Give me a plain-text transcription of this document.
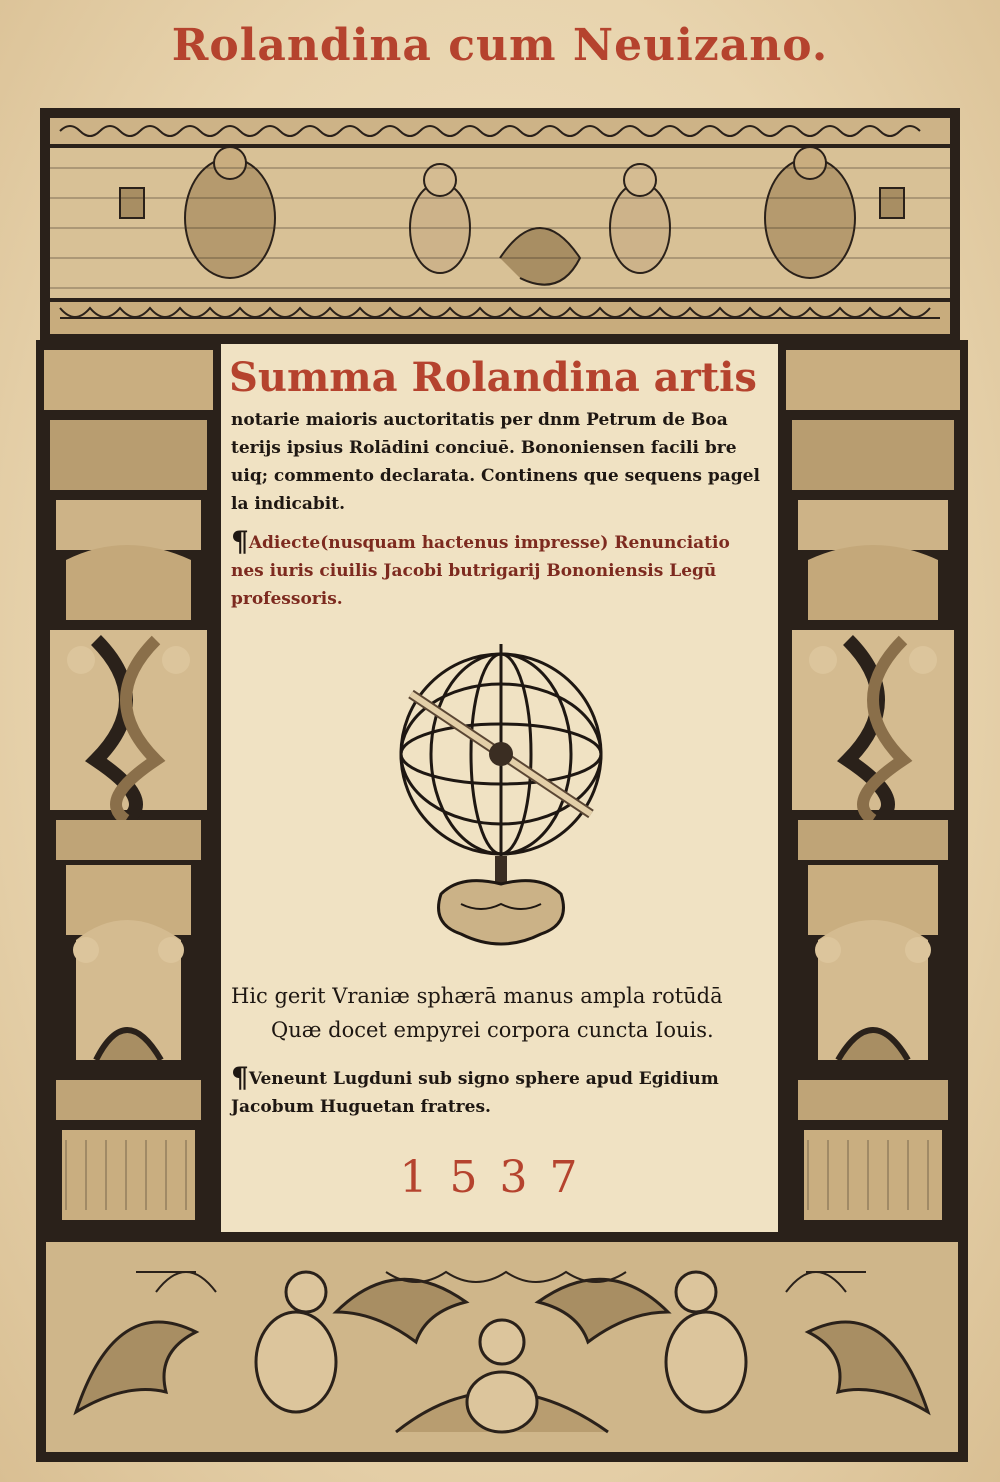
Rolandina cum Neuizano.
Summa Rolandina artis
notarie maioris auctoritatis per dnm Petrum de Boa
terijs ipsius Rolādini conciuē. Bononiensen facili bre
uiq; commento declarata. Continens que sequens pagel
la indicabit.
¶Adiecte(nusquam hactenus impresse) Renunciatio
nes iuris ciuilis Jacobi butrigarij Bononiensis Legū
professoris.
Hic gerit Vraniæ sphærā manus ampla rotūdā
Quæ docet empyrei corpora cuncta Iouis.
¶Veneunt Lugduni sub signo sphere apud Egidium
Jacobum Huguetan fratres.
1537
